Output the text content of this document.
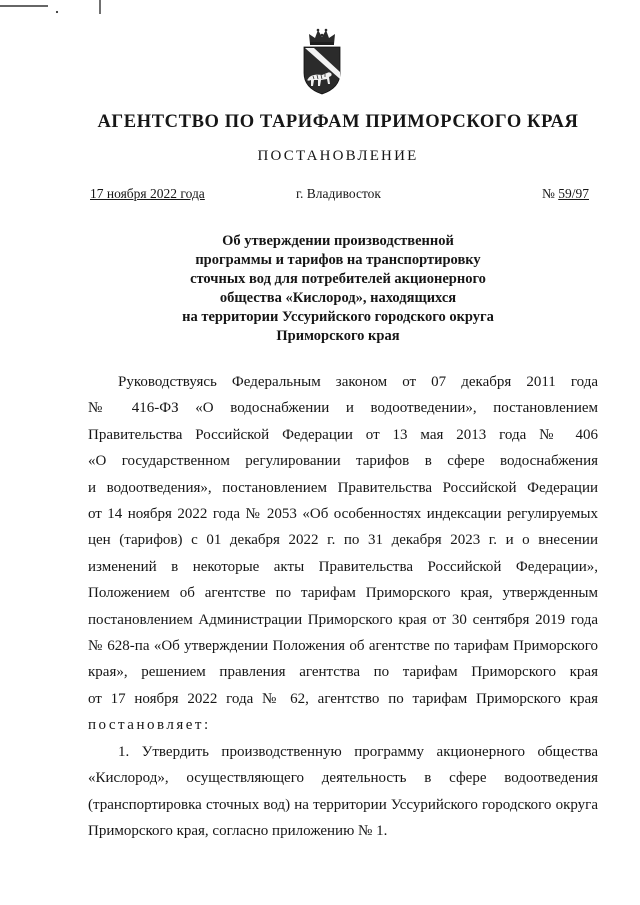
АГЕНТСТВО ПО ТАРИФАМ ПРИМОРСКОГО КРАЯ
ПОСТАНОВЛЕНИЕ
17 ноября 2022 года	г. Владивосток	№ 59/97
Об утверждении производственной
программы и тарифов на транспортировку
сточных вод для потребителей акционерного
общества «Кислород», находящихся
на территории Уссурийского городского округа
Приморского края
Руководствуясь Федеральным законом от 07 декабря 2011 года
№ 416-ФЗ «О водоснабжении и водоотведении», постановлением
Правительства Российской Федерации от 13 мая 2013 года № 406
«О государственном регулировании тарифов в сфере водоснабжения
и водоотведения», постановлением Правительства Российской Федерации
от 14 ноября 2022 года № 2053 «Об особенностях индексации регулируемых
цен (тарифов) с 01 декабря 2022 г. по 31 декабря 2023 г. и о внесении
изменений в некоторые акты Правительства Российской Федерации»,
Положением об агентстве по тарифам Приморского края, утвержденным
постановлением Администрации Приморского края от 30 сентября 2019 года
№ 628-па «Об утверждении Положения об агентстве по тарифам Приморского
края», решением правления агентства по тарифам Приморского края
от 17 ноября 2022 года № 62, агентство по тарифам Приморского края
постановляет:
1. Утвердить производственную программу акционерного общества
«Кислород», осуществляющего деятельность в сфере водоотведения
(транспортировка сточных вод) на территории Уссурийского городского округа
Приморского края, согласно приложению № 1.
